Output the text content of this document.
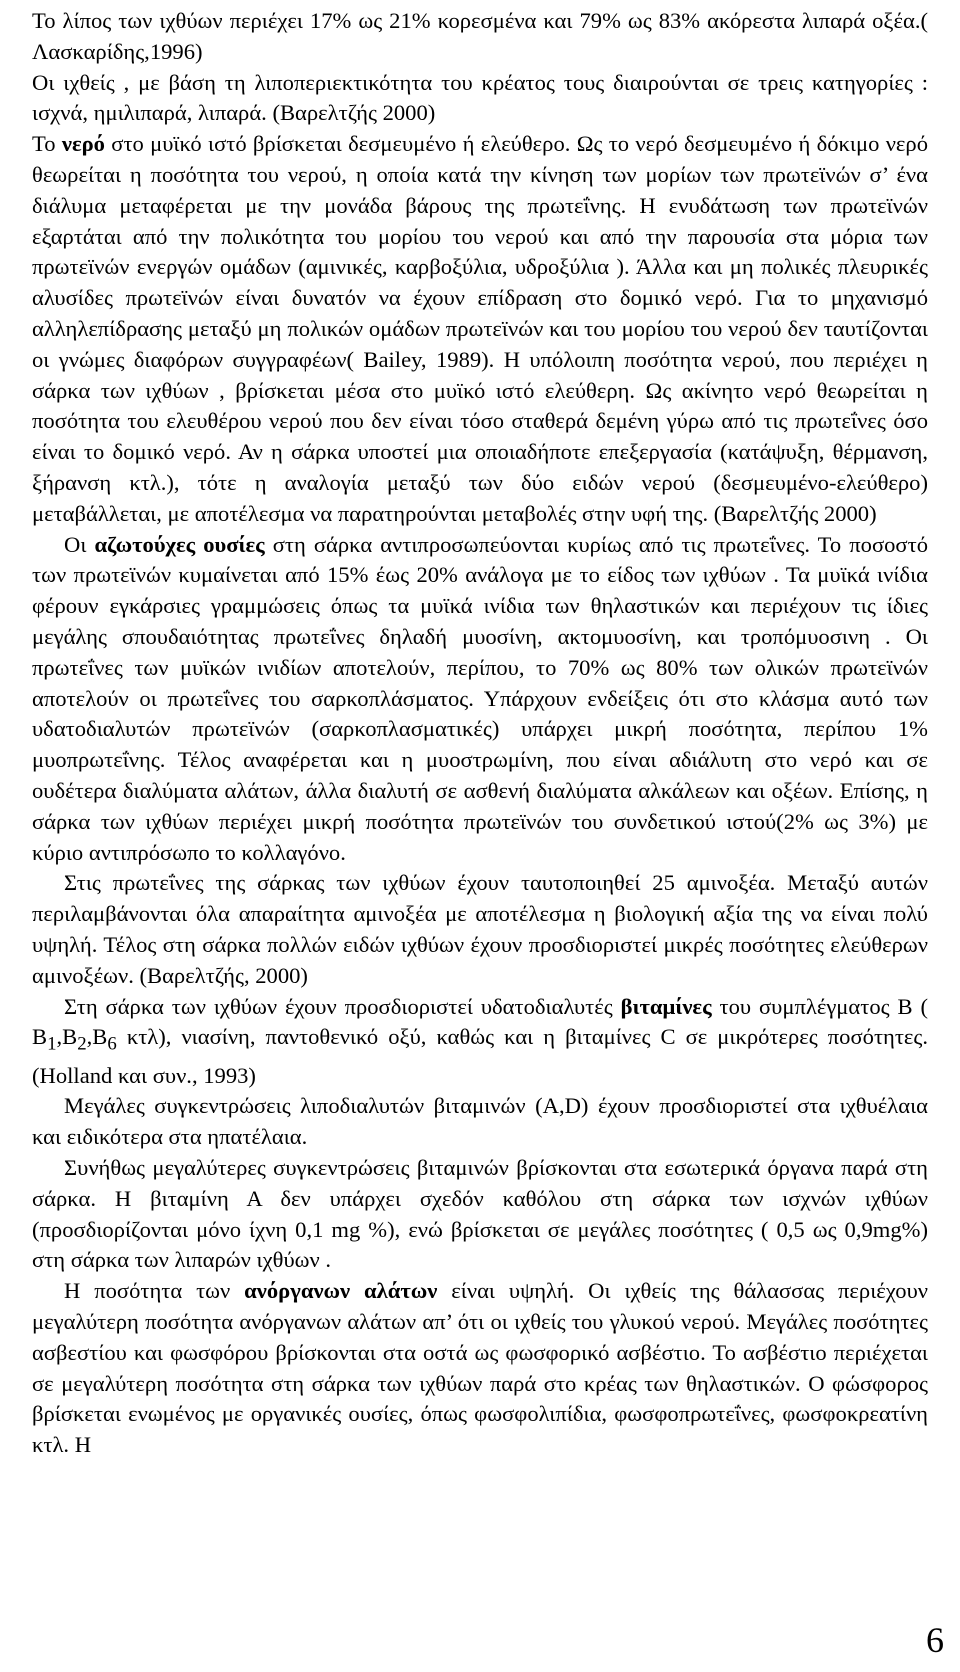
Το λίπος των ιχθύων περιέχει 17% ως 21% κορεσμένα και 79% ως 83% ακόρεστα λιπαρά οξέα.( Λασκαρίδης,1996)

Οι ιχθείς , με βάση τη λιποπεριεκτικότητα του κρέατος τους διαιρούνται σε τρεις κατηγορίες : ισχνά, ημιλιπαρά, λιπαρά. (Βαρελτζής 2000)

Το νερό στο μυϊκό ιστό βρίσκεται δεσμευμένο ή ελεύθερο. Ως το νερό δεσμευμένο ή δόκιμο νερό θεωρείται η ποσότητα του νερού, η οποία κατά την κίνηση των μορίων των πρωτεϊνών σ’ ένα διάλυμα μεταφέρεται με την μονάδα βάρους της πρωτεΐνης. Η ενυδάτωση των πρωτεϊνών εξαρτάται από την πολικότητα του μορίου του νερού και από την παρουσία στα μόρια των πρωτεϊνών ενεργών ομάδων (αμινικές, καρβοξύλια, υδροξύλια ). Άλλα και μη πολικές πλευρικές αλυσίδες πρωτεϊνών είναι δυνατόν να έχουν επίδραση στο δομικό νερό. Για το μηχανισμό αλληλεπίδρασης μεταξύ μη πολικών ομάδων πρωτεϊνών και του μορίου του νερού δεν ταυτίζονται οι γνώμες διαφόρων συγγραφέων( Bailey, 1989). Η υπόλοιπη ποσότητα νερού, που περιέχει η σάρκα των ιχθύων , βρίσκεται μέσα στο μυϊκό ιστό ελεύθερη. Ως ακίνητο νερό θεωρείται η ποσότητα του ελευθέρου νερού που δεν είναι τόσο σταθερά δεμένη γύρω από τις πρωτεΐνες όσο είναι το δομικό νερό. Αν η σάρκα υποστεί μια οποιαδήποτε επεξεργασία (κατάψυξη, θέρμανση, ξήρανση κτλ.), τότε η αναλογία μεταξύ των δύο ειδών νερού (δεσμευμένο-ελεύθερο) μεταβάλλεται, με αποτέλεσμα να παρατηρούνται μεταβολές στην υφή της. (Βαρελτζής 2000)

Οι αζωτούχες ουσίες στη σάρκα αντιπροσωπεύονται κυρίως από τις πρωτεΐνες. Το ποσοστό των πρωτεϊνών κυμαίνεται από 15% έως 20% ανάλογα με το είδος των ιχθύων . Τα μυϊκά ινίδια φέρουν εγκάρσιες γραμμώσεις όπως τα μυϊκά ινίδια των θηλαστικών και περιέχουν τις ίδιες μεγάλης σπουδαιότητας πρωτεΐνες δηλαδή μυοσίνη, ακτομυοσίνη, και τροπόμυοσινη . Οι πρωτεΐνες των μυϊκών ινιδίων αποτελούν, περίπου, το 70% ως 80% των ολικών πρωτεϊνών αποτελούν οι πρωτεΐνες του σαρκοπλάσματος. Υπάρχουν ενδείξεις ότι στο κλάσμα αυτό των υδατοδιαλυτών πρωτεϊνών (σαρκοπλασματικές) υπάρχει μικρή ποσότητα, περίπου 1% μυοπρωτεΐνης. Τέλος αναφέρεται και η μυοστρωμίνη, που είναι αδιάλυτη στο νερό και σε ουδέτερα διαλύματα αλάτων, άλλα διαλυτή σε ασθενή διαλύματα αλκάλεων και οξέων. Επίσης, η σάρκα των ιχθύων περιέχει μικρή ποσότητα πρωτεϊνών του συνδετικού ιστού(2% ως 3%) με κύριο αντιπρόσωπο το κολλαγόνο.

Στις πρωτεΐνες της σάρκας των ιχθύων έχουν ταυτοποιηθεί 25 αμινοξέα. Μεταξύ αυτών περιλαμβάνονται όλα απαραίτητα αμινοξέα με αποτέλεσμα η βιολογική αξία της να είναι πολύ υψηλή. Τέλος στη σάρκα πολλών ειδών ιχθύων έχουν προσδιοριστεί μικρές ποσότητες ελεύθερων αμινοξέων. (Βαρελτζής, 2000)

Στη σάρκα των ιχθύων έχουν προσδιοριστεί υδατοδιαλυτές βιταμίνες του συμπλέγματος Β ( $B_1,B_2,B_6$ κτλ), νιασίνη, παντοθενικό οξύ, καθώς και η βιταμίνες C σε μικρότερες ποσότητες.(Holland και συν., 1993)

Μεγάλες συγκεντρώσεις λιποδιαλυτών βιταμινών (A,D) έχουν προσδιοριστεί στα ιχθυέλαια και ειδικότερα στα ηπατέλαια.

Συνήθως μεγαλύτερες συγκεντρώσεις βιταμινών βρίσκονται στα εσωτερικά όργανα παρά στη σάρκα. Η βιταμίνη Α δεν υπάρχει σχεδόν καθόλου στη σάρκα των ισχνών ιχθύων (προσδιορίζονται μόνο ίχνη 0,1 mg %), ενώ βρίσκεται σε μεγάλες ποσότητες ( 0,5 ως 0,9mg%) στη σάρκα των λιπαρών ιχθύων .

Η ποσότητα των ανόργανων αλάτων είναι υψηλή. Οι ιχθείς της θάλασσας περιέχουν μεγαλύτερη ποσότητα ανόργανων αλάτων απ’ ότι οι ιχθείς του γλυκού νερού. Μεγάλες ποσότητες ασβεστίου και φωσφόρου βρίσκονται στα οστά ως φωσφορικό ασβέστιο. Το ασβέστιο περιέχεται σε μεγαλύτερη ποσότητα στη σάρκα των ιχθύων παρά στο κρέας των θηλαστικών. Ο φώσφορος βρίσκεται ενωμένος με οργανικές ουσίες, όπως φωσφολιπίδια, φωσφοπρωτεΐνες, φωσφοκρεατίνη κτλ. Η

6
